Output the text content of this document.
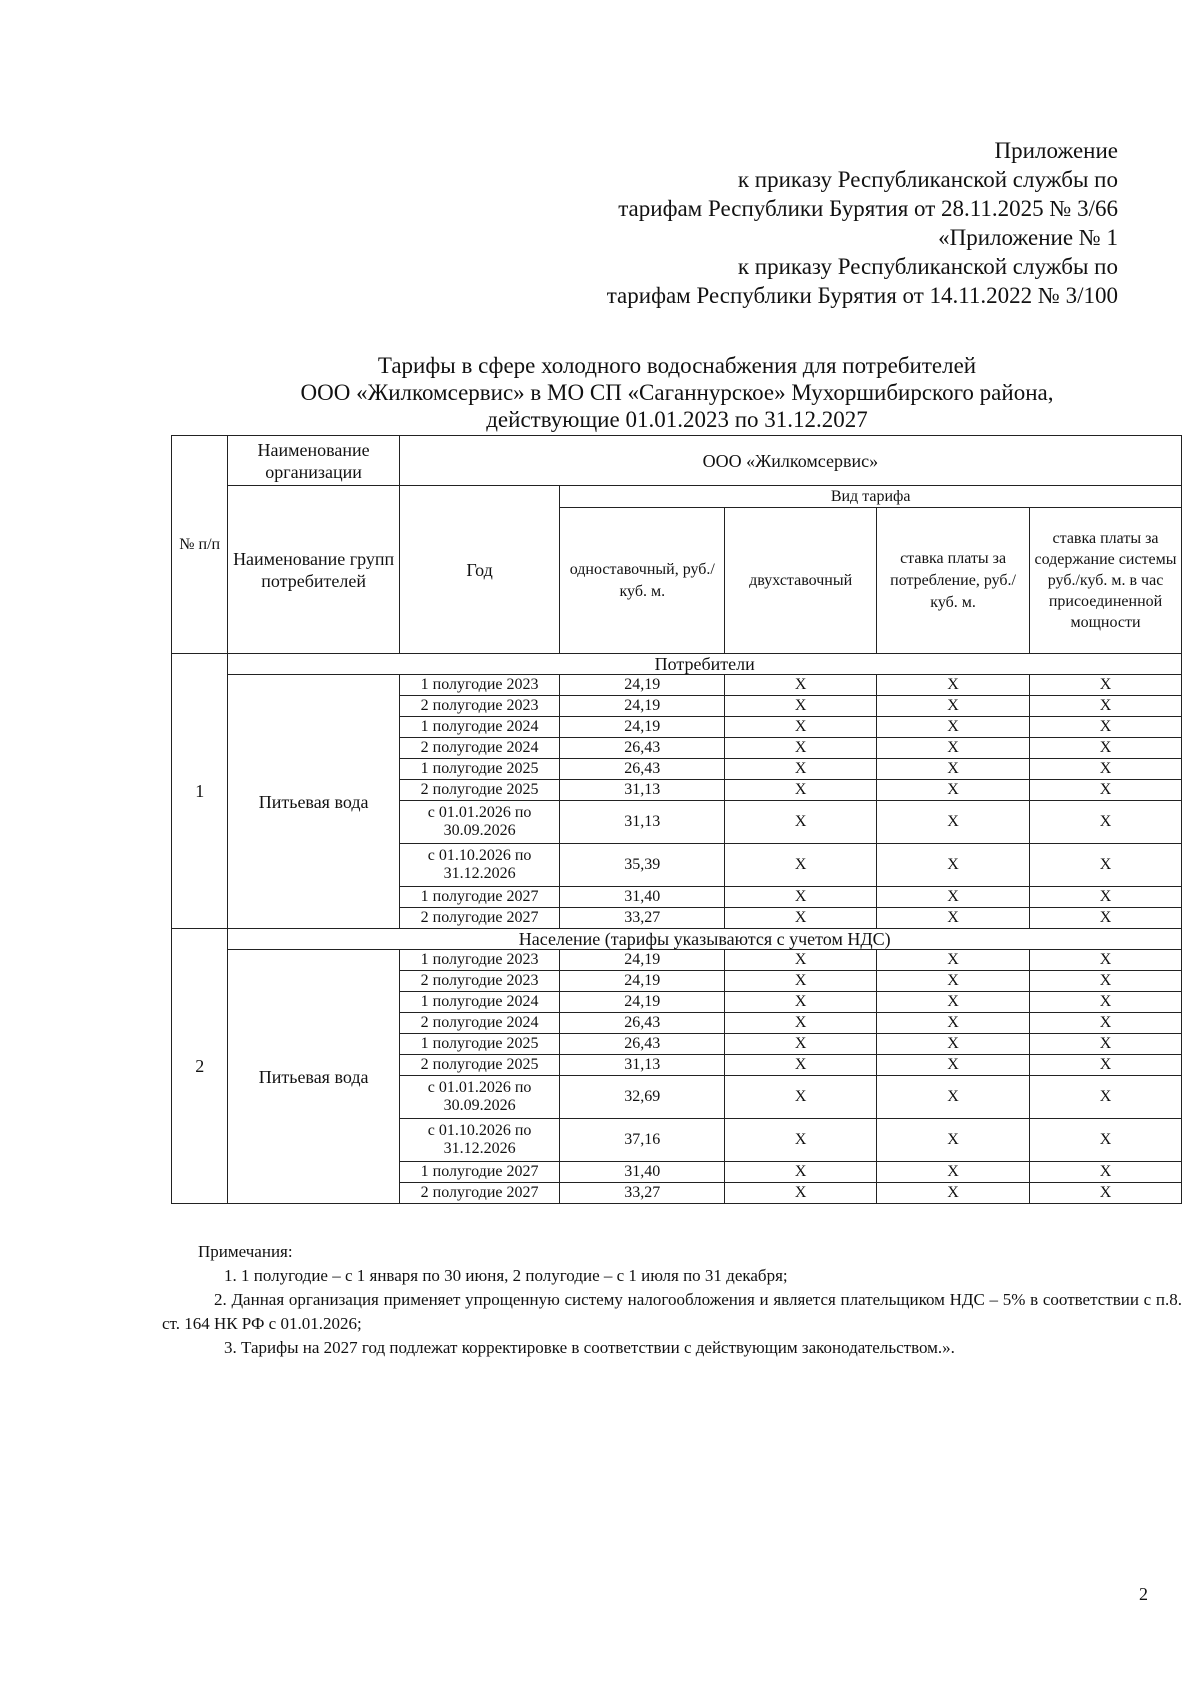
Приложение
к приказу Республиканской службы по
тарифам Республики Бурятия от 28.11.2025 № 3/66
«Приложение № 1
к приказу Республиканской службы по
тарифам Республики Бурятия от 14.11.2022 № 3/100
Тарифы в сфере холодного водоснабжения для потребителей
ООО «Жилкомсервис» в МО СП «Саганнурское» Мухоршибирского района,
действующие 01.01.2023 по 31.12.2027
№ п/п	Наименование организации	ООО «Жилкомсервис»				
	Наименование групп потребителей	Год	Вид тарифа			
			одноставочный, руб./ куб. м.	двухставочный	ставка платы за потребление, руб./ куб. м.	ставка платы за содержание системы руб./куб. м. в час присоединенной мощности
1	Потребители					
	Питьевая вода	1 полугодие 2023	24,19	X	X	X
		2 полугодие 2023	24,19	X	X	X
		1 полугодие 2024	24,19	X	X	X
		2 полугодие 2024	26,43	X	X	X
		1 полугодие 2025	26,43	X	X	X
		2 полугодие 2025	31,13	X	X	X
		с 01.01.2026 по 30.09.2026	31,13	X	X	X
		с 01.10.2026 по 31.12.2026	35,39	X	X	X
		1 полугодие 2027	31,40	X	X	X
		2 полугодие 2027	33,27	X	X	X
2	Население (тарифы указываются с учетом НДС)					
	Питьевая вода	1 полугодие 2023	24,19	X	X	X
		2 полугодие 2023	24,19	X	X	X
		1 полугодие 2024	24,19	X	X	X
		2 полугодие 2024	26,43	X	X	X
		1 полугодие 2025	26,43	X	X	X
		2 полугодие 2025	31,13	X	X	X
		с 01.01.2026 по 30.09.2026	32,69	X	X	X
		с 01.10.2026 по 31.12.2026	37,16	X	X	X
		1 полугодие 2027	31,40	X	X	X
		2 полугодие 2027	33,27	X	X	X
Примечания:
1. 1 полугодие – с 1 января по 30 июня, 2 полугодие – с 1 июля по 31 декабря;
2. Данная организация применяет упрощенную систему налогообложения и является плательщиком НДС – 5% в соответствии с п.8. ст. 164 НК РФ с 01.01.2026;
3. Тарифы на 2027 год подлежат корректировке в соответствии с действующим законодательством.».
2
